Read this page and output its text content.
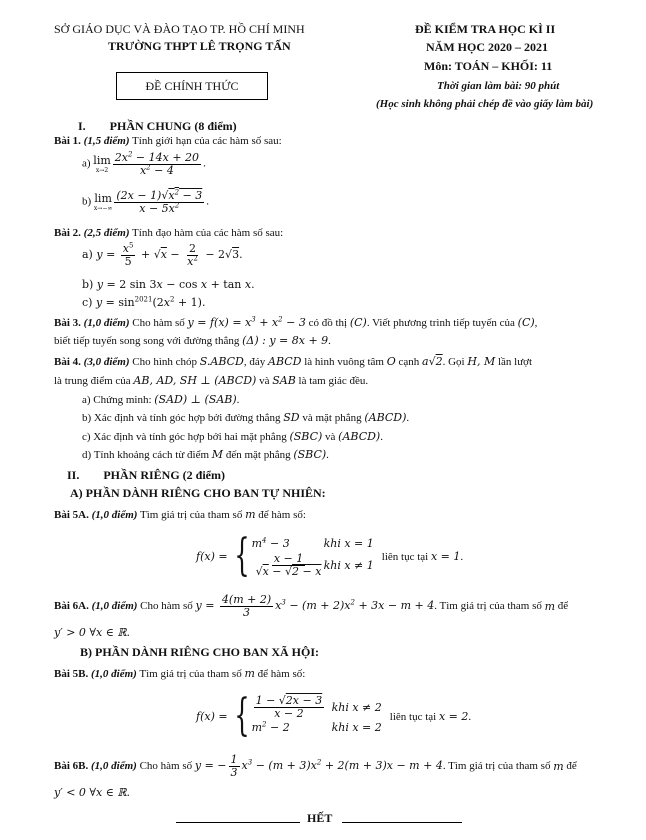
SỞ GIÁO DỤC VÀ ĐÀO TẠO TP. HỒ CHÍ MINH
TRƯỜNG THPT LÊ TRỌNG TẤN
ĐỀ CHÍNH THỨC
ĐỀ KIỂM TRA HỌC KÌ II
NĂM HỌC 2020 – 2021
Môn: TOÁN – KHỐI: 11
Thời gian làm bài: 90 phút
(Học sinh không phải chép đề vào giấy làm bài)
I. PHẦN CHUNG (8 điểm)
Bài 1. (1,5 điểm) Tính giới hạn của các hàm số sau:
a) lim
$x\to 2 \frac{2x^2 - 14x + 20}{x^2 - 4}$ .
b) lim
$x\to-\infty \frac{(2x - 1)√x^2 - 3}{x - 5x^2}$ .
Bài 2. (2,5 điểm) Tính đạo hàm của các hàm số sau:
a) $y = \frac{x^5}{5} + √x - \frac{2}{x^2} - 2√3$.
b) y = 2 sin 3x − cos x + tan x.
c) $y = \sin^{2021}(2x^2 + 1)$.
Bài 3. (1,0 điểm) Cho hàm số $y = f(x) = x^3 + x^2 - 3$ có đồ thị (C). Viết phương trình tiếp tuyến của (C),
biết tiếp tuyến song song với đường thẳng (Δ) : y = 8x + 9.
Bài 4. (3,0 điểm) Cho hình chóp S.ABCD, đáy ABCD là hình vuông tâm O cạnh a√2. Gọi H, M lần lượt
là trung điểm của AB, AD, SH ⊥ (ABCD) và SAB là tam giác đều.
a) Chứng minh: (SAD) ⊥ (SAB).
b) Xác định và tính góc hợp bởi đường thẳng SD và mặt phẳng (ABCD).
c) Xác định và tính góc hợp bởi hai mặt phẳng (SBC) và (ABCD).
d) Tính khoảng cách từ điểm M đến mặt phẳng (SBC).
II. PHẦN RIÊNG (2 điểm)
A) PHẦN DÀNH RIÊNG CHO BAN TỰ NHIÊN:
Bài 5A. (1,0 điểm) Tìm giá trị của tham số m để hàm số:
f(x) = { $m^4 - 3$	khi x = 1
$\frac{x - 1}{√x - √2 - x}$ khi x ≠ 1
liên tục tại x = 1.
Bài 6A.
(1,0 điểm)
Cho hàm số
$y = \frac{4(m + 2)}{3} x^3 - (m + 2)x^2 + 3x - m + 4$ . Tìm giá trị của tham số
m
để
y′ > 0 ∀x ∈ ℝ.
B) PHẦN DÀNH RIÊNG CHO BAN XÃ HỘI:
Bài 5B. (1,0 điểm) Tìm giá trị của tham số m để hàm số:
f(x) = { $\frac{1 - √2x - 3}{x - 2}$ khi x ≠ 2
$m^2 - 2$	khi x = 2
liên tục tại x = 2.
Bài 6B.
(1,0 điểm)
Cho hàm số
y = − $\frac{1}{3} x^3 - (m + 3)x^2 + 2(m + 3)x - m + 4$ . Tìm giá trị của tham số
m
để
y′ < 0 ∀x ∈ ℝ.
HẾT
